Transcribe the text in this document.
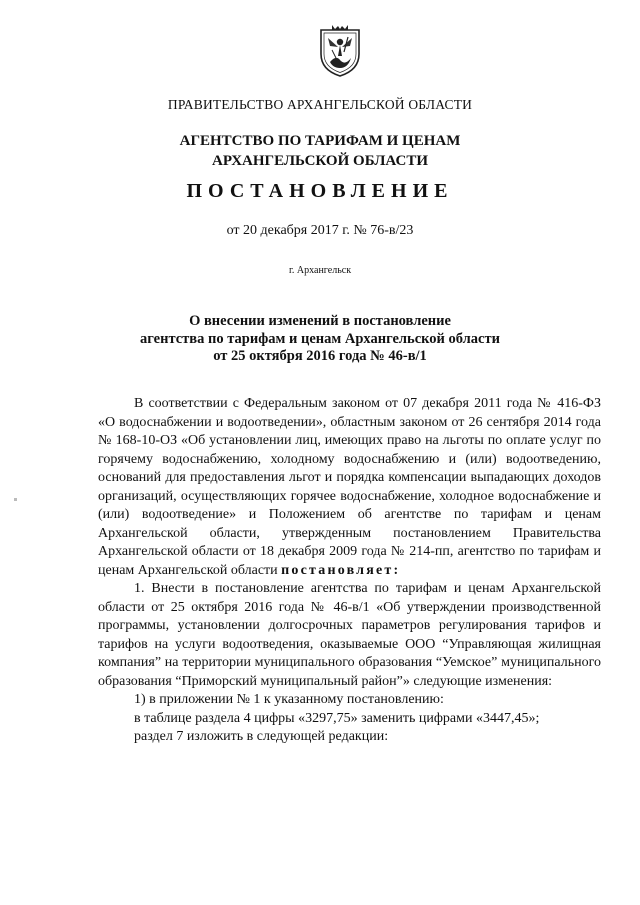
ПРАВИТЕЛЬСТВО АРХАНГЕЛЬСКОЙ ОБЛАСТИ
АГЕНТСТВО ПО ТАРИФАМ И ЦЕНАМ
АРХАНГЕЛЬСКОЙ ОБЛАСТИ
ПОСТАНОВЛЕНИЕ
от 20 декабря 2017 г. № 76-в/23
г. Архангельск
О внесении изменений в постановление
агентства по тарифам и ценам Архангельской области
от 25 октября 2016 года № 46-в/1

В соответствии с Федеральным законом от 07 декабря 2011 года № 416-ФЗ «О водоснабжении и водоотведении», областным законом от 26 сентября 2014 года № 168-10-ОЗ «Об установлении лиц, имеющих право на льготы по оплате услуг по горячему водоснабжению, холодному водоснабжению и (или) водоотведению, оснований для предоставления льгот и порядка компенсации выпадающих доходов организаций, осуществляющих горячее водоснабжение, холодное водоснабжение и (или) водоотведение» и Положением об агентстве по тарифам и ценам Архангельской области, утвержденным постановлением Правительства Архангельской области от 18 декабря 2009 года № 214-пп, агентство по тарифам и ценам Архангельской области постановляет:

1. Внести в постановление агентства по тарифам и ценам Архангельской области от 25 октября 2016 года № 46-в/1 «Об утверждении производственной программы, установлении долгосрочных параметров регулирования тарифов и тарифов на услуги водоотведения, оказываемые ООО “Управляющая жилищная компания” на территории муниципального образования “Уемское” муниципального образования “Приморский муниципальный район”» следующие изменения:

1) в приложении № 1 к указанному постановлению:

в таблице раздела 4 цифры «3297,75» заменить цифрами «3447,45»;

раздел 7 изложить в следующей редакции:
